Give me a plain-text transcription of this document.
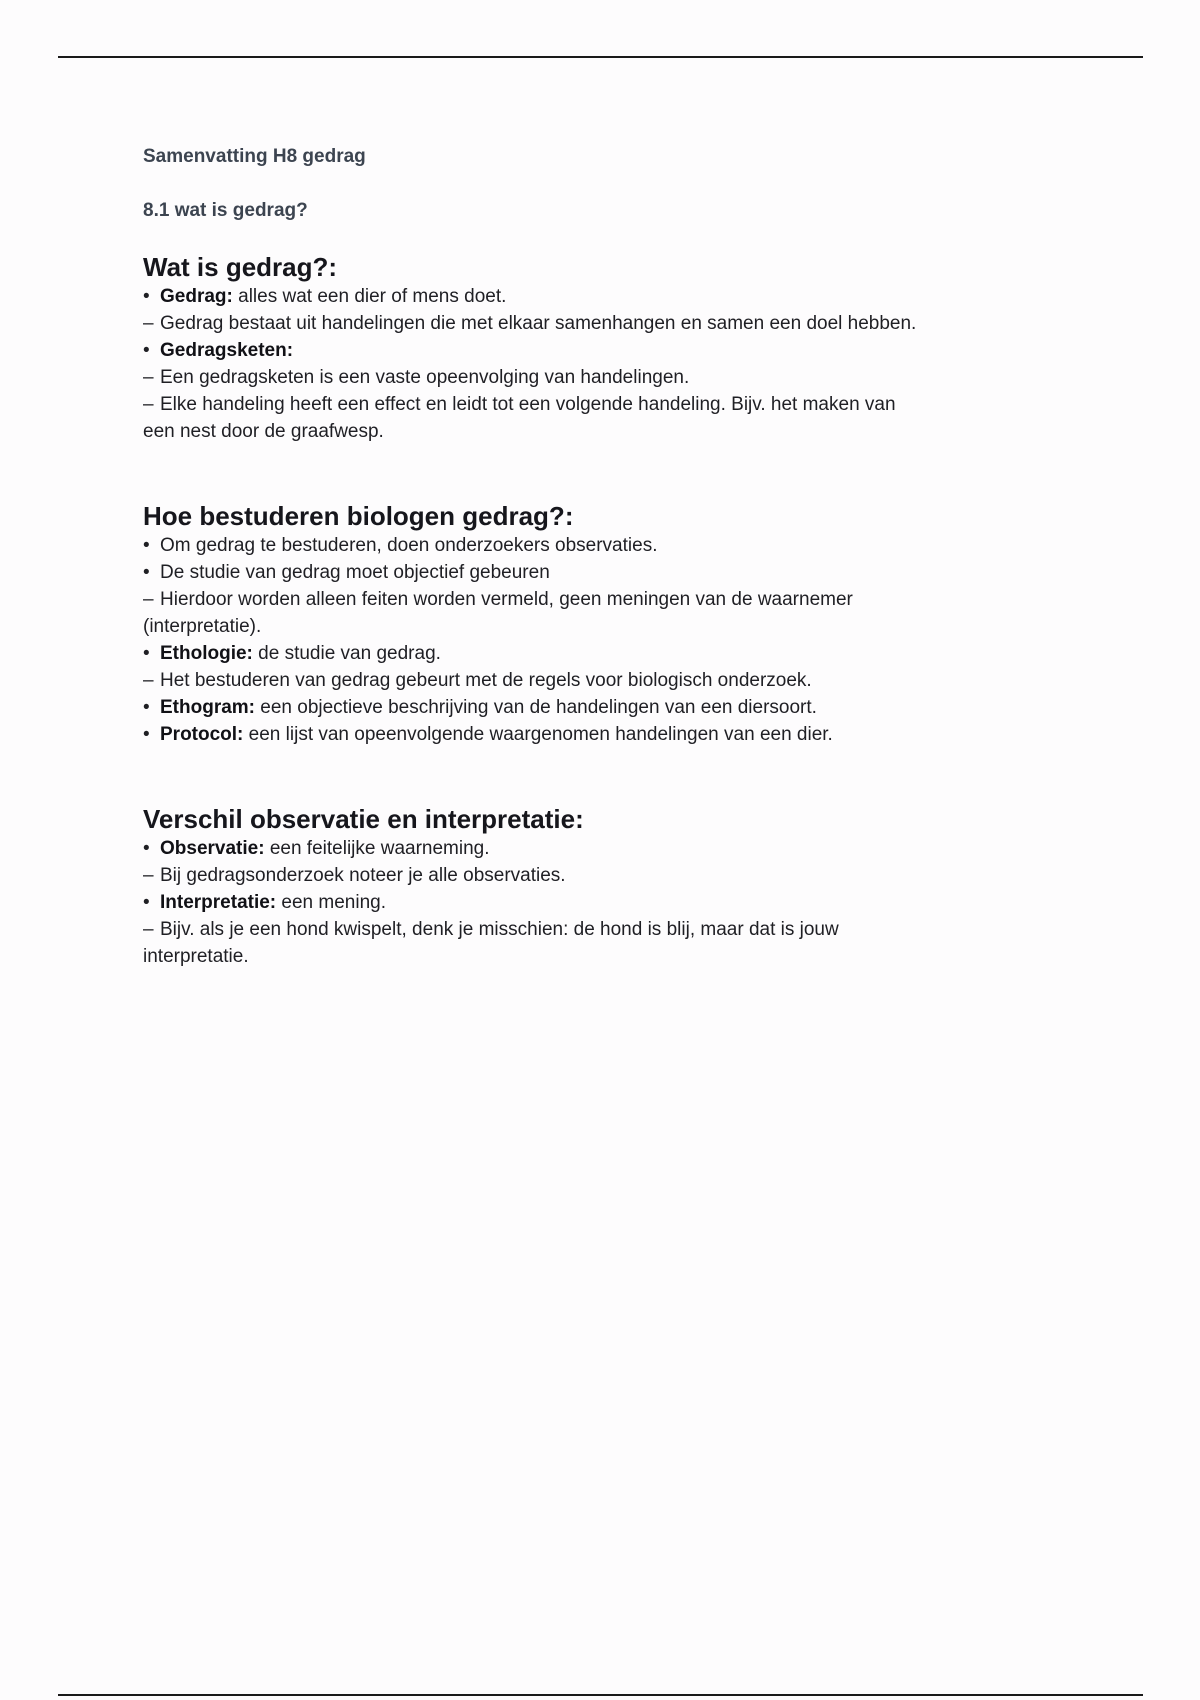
Samenvatting H8 gedrag

8.1 wat is gedrag?

Wat is gedrag?:

• Gedrag: alles wat een dier of mens doet.

– Gedrag bestaat uit handelingen die met elkaar samenhangen en samen een doel hebben.

• Gedragsketen:

– Een gedragsketen is een vaste opeenvolging van handelingen.

– Elke handeling heeft een effect en leidt tot een volgende handeling. Bijv. het maken van

een nest door de graafwesp.

Hoe bestuderen biologen gedrag?:

• Om gedrag te bestuderen, doen onderzoekers observaties.

• De studie van gedrag moet objectief gebeuren

– Hierdoor worden alleen feiten worden vermeld, geen meningen van de waarnemer

(interpretatie).

• Ethologie: de studie van gedrag.

– Het bestuderen van gedrag gebeurt met de regels voor biologisch onderzoek.

• Ethogram: een objectieve beschrijving van de handelingen van een diersoort.

• Protocol: een lijst van opeenvolgende waargenomen handelingen van een dier.

Verschil observatie en interpretatie:

• Observatie: een feitelijke waarneming.

– Bij gedragsonderzoek noteer je alle observaties.

• Interpretatie: een mening.

– Bijv. als je een hond kwispelt, denk je misschien: de hond is blij, maar dat is jouw

interpretatie.
